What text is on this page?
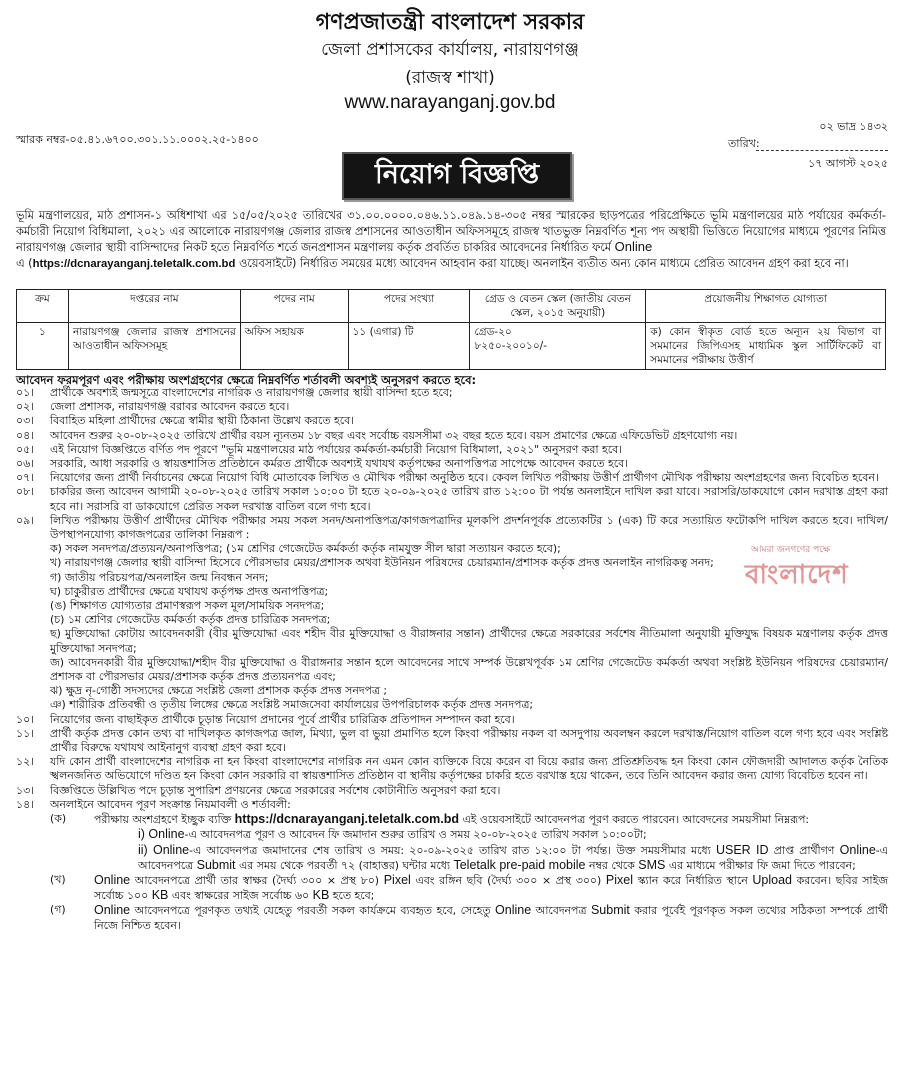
গণপ্রজাতন্ত্রী বাংলাদেশ সরকার
জেলা প্রশাসকের কার্যালয়, নারায়ণগঞ্জ
(রাজস্ব শাখা)
www.narayanganj.gov.bd
স্মারক নম্বর-০৫.৪১.৬৭০০.৩০১.১১.০০০২.২৫-১৪০০
০২ ভাদ্র ১৪৩২
তারিখ:
১৭ আগস্ট ২০২৫
নিয়োগ বিজ্ঞপ্তি
ভূমি মন্ত্রণালয়ের, মাঠ প্রশাসন-১ অধিশাখা এর ১৫/০৫/২০২৫ তারিখের ৩১.০০.০০০০.০৪৬.১১.০৪৯.১৪-৩০৫ নম্বর স্মারকের ছাড়পত্রের পরিপ্রেক্ষিতে ভূমি মন্ত্রণালয়ের মাঠ পর্যায়ের কর্মকর্তা-কর্মচারী নিয়োগ বিধিমালা, ২০২১ এর আলোকে নারায়ণগঞ্জ জেলার রাজস্ব প্রশাসনের আওতাধীন অফিসসমূহে রাজস্ব খাতভুক্ত নিম্নবর্ণিত শূন্য পদ অস্থায়ী ভিত্তিতে নিয়োগের মাধ্যমে পূরণের নিমিত্ত নারায়ণগঞ্জ জেলার স্থায়ী বাসিন্দাদের নিকট হতে নিম্নবর্ণিত শর্তে জনপ্রশাসন মন্ত্রণালয় কর্তৃক প্রবর্তিত চাকরির আবেদনের নির্ধারিত ফর্মে Online
এ (https://dcnarayanganj.teletalk.com.bd ওয়েবসাইটে) নির্ধারিত সময়ের মধ্যে আবেদন আহবান করা যাচ্ছে। অনলাইন ব্যতীত অন্য কোন মাধ্যমে প্রেরিত আবেদন গ্রহণ করা হবে না।
ক্রম	দপ্তরের নাম	পদের নাম	পদের সংখ্যা	গ্রেড ও বেতন স্কেল (জাতীয় বেতন স্কেল, ২০১৫ অনুযায়ী)	প্রয়োজনীয় শিক্ষাগত যোগ্যতা
১	নারায়ণগঞ্জ জেলার রাজস্ব প্রশাসনের আওতাধীন অফিসসমূহ	অফিস সহায়ক	১১ (এগার) টি	গ্রেড-২০
৮২৫০-২০০১০/-	ক) কোন স্বীকৃত বোর্ড হতে অন্যূন ২য় বিভাগ বা সমমানের জিপিএসহ মাধ্যমিক স্কুল সার্টিফিকেট বা সমমানের পরীক্ষায় উত্তীর্ণ
আবেদন ফরমপূরণ এবং পরীক্ষায় অংশগ্রহণের ক্ষেত্রে নিম্নবর্ণিত শর্তাবলী অবশ্যই অনুসরণ করতে হবে:
০১।	প্রার্থীকে অবশ্যই জন্মসূত্রে বাংলাদেশের নাগরিক ও নারায়ণগঞ্জ জেলার স্থায়ী বাসিন্দা হতে হবে;
০২।	জেলা প্রশাসক, নারায়ণগঞ্জ বরাবর আবেদন করতে হবে।
০৩।	বিবাহিত মহিলা প্রার্থীদের ক্ষেত্রে স্বামীর স্থায়ী ঠিকানা উল্লেখ করতে হবে।
০৪।	আবেদন শুরুর ২০-০৮-২০২৫ তারিখে প্রার্থীর বয়স ন্যূনতম ১৮ বছর এবং সর্বোচ্চ বয়সসীমা ৩২ বছর হতে হবে। বয়স প্রমাণের ক্ষেত্রে এফিডেভিট গ্রহণযোগ্য নয়।
০৫।	এই নিয়োগ বিজ্ঞপ্তিতে বর্ণিত পদ পূরণে "ভূমি মন্ত্রণালয়ের মাঠ পর্যায়ের কর্মকর্তা-কর্মচারী নিয়োগ বিধিমালা, ২০২১" অনুসরণ করা হবে।
০৬।	সরকারি, আধা সরকারি ও স্বায়ত্তশাসিত প্রতিষ্ঠানে কর্মরত প্রার্থীকে অবশ্যই যথাযথ কর্তৃপক্ষের অনাপত্তিপত্র সাপেক্ষে আবেদন করতে হবে।
০৭।	নিয়োগের জন্য প্রার্থী নির্বাচনের ক্ষেত্রে নিয়োগ বিধি মোতাবেক লিখিত ও মৌখিক পরীক্ষা অনুষ্ঠিত হবে। কেবল লিখিত পরীক্ষায় উত্তীর্ণ প্রার্থীগণ মৌখিক পরীক্ষায় অংশগ্রহণের জন্য বিবেচিত হবেন।
০৮।	চাকরির জন্য আবেদন আগামী ২০-০৮-২০২৫ তারিখ সকাল ১০:০০ টা হতে ২০-০৯-২০২৫ তারিখ রাত ১২:০০ টা পর্যন্ত অনলাইনে দাখিল করা যাবে। সরাসরি/ডাকযোগে কোন দরখাস্ত গ্রহণ করা হবে না। সরাসরি বা ডাকযোগে প্রেরিত সকল দরখাস্ত বাতিল বলে গণ্য হবে।
০৯।	লিখিত পরীক্ষায় উত্তীর্ণ প্রার্থীদের মৌখিক পরীক্ষার সময় সকল সনদ/অনাপত্তিপত্র/কাগজপত্রাদির মূলকপি প্রদর্শনপূর্বক প্রত্যেকটির ১ (এক) টি করে সত্যায়িত ফটোকপি দাখিল করতে হবে। দাখিল/উপস্থাপনযোগ্য কাগজপত্রের তালিকা নিম্নরূপ :
ক) সকল সনদপত্র/প্রত্যয়ন/অনাপত্তিপত্র; (১ম শ্রেণির গেজেটেড কর্মকর্তা কর্তৃক নামযুক্ত সীল দ্বারা সত্যায়ন করতে হবে);
খ) নারায়ণগঞ্জ জেলার স্থায়ী বাসিন্দা হিসেবে পৌরসভার মেয়র/প্রশাসক অথবা ইউনিয়ন পরিষদের চেয়ারম্যান/প্রশাসক কর্তৃক প্রদত্ত অনলাইন নাগরিকত্ব সনদ;
গ) জাতীয় পরিচয়পত্র/অনলাইন জন্ম নিবন্ধন সনদ;
ঘ) চাকুরীরত প্রার্থীদের ক্ষেত্রে যথাযথ কর্তৃপক্ষ প্রদত্ত অনাপত্তিপত্র;
(ঙ) শিক্ষাগত যোগ্যতার প্রমাণস্বরূপ সকল মূল/সাময়িক সনদপত্র;
(চ) ১ম শ্রেণির গেজেটেড কর্মকর্তা কর্তৃক প্রদত্ত চারিত্রিক সনদপত্র;
ছ) মুক্তিযোদ্ধা কোটায় আবেদনকারী (বীর মুক্তিযোদ্ধা এবং শহীদ বীর মুক্তিযোদ্ধা ও বীরাঙ্গনার সন্তান) প্রার্থীদের ক্ষেত্রে সরকারের সর্বশেষ নীতিমালা অনুযায়ী মুক্তিযুদ্ধ বিষয়ক মন্ত্রণালয় কর্তৃক প্রদত্ত মুক্তিযোদ্ধা সনদপত্র;
জ) আবেদনকারী বীর মুক্তিযোদ্ধা/শহীদ বীর মুক্তিযোদ্ধা ও বীরাঙ্গনার সন্তান হলে আবেদনের সাথে সম্পর্ক উল্লেখপূর্বক ১ম শ্রেণির গেজেটেড কর্মকর্তা অথবা সংশ্লিষ্ট ইউনিয়ন পরিষদের চেয়ারম্যান/প্রশাসক বা পৌরসভার মেয়র/প্রশাসক কর্তৃক প্রদত্ত প্রত্যয়নপত্র এবং;
ঝ) ক্ষুদ্র নৃ-গোষ্ঠী সদস্যদের ক্ষেত্রে সংশ্লিষ্ট জেলা প্রশাসক কর্তৃক প্রদত্ত সনদপত্র ;
ঞ) শারীরিক প্রতিবন্ধী ও তৃতীয় লিঙ্গের ক্ষেত্রে সংশ্লিষ্ট সমাজসেবা কার্যালয়ের উপপরিচালক কর্তৃক প্রদত্ত সনদপত্র;
১০।	নিয়োগের জন্য বাছাইকৃত প্রার্থীকে চূড়ান্ত নিয়োগ প্রদানের পূর্বে প্রার্থীর চারিত্রিক প্রতিপাদন সম্পাদন করা হবে।
১১।	প্রার্থী কর্তৃক প্রদত্ত কোন তথ্য বা দাখিলকৃত কাগজপত্র জাল, মিথ্যা, ভুল বা ভুয়া প্রমাণিত হলে কিংবা পরীক্ষায় নকল বা অসদুপায় অবলম্বন করলে দরখাস্ত/নিয়োগ বাতিল বলে গণ্য হবে এবং সংশ্লিষ্ট প্রার্থীর বিরুদ্ধে যথাযথ আইনানুগ ব্যবস্থা গ্রহণ করা হবে।
১২।	যদি কোন প্রার্থী বাংলাদেশের নাগরিক না হন কিংবা বাংলাদেশের নাগরিক নন এমন কোন ব্যক্তিকে বিয়ে করেন বা বিয়ে করার জন্য প্রতিশ্রুতিবদ্ধ হন কিংবা কোন ফৌজদারী আদালত কর্তৃক নৈতিক স্খলনজনিত অভিযোগে দণ্ডিত হন কিংবা কোন সরকারি বা স্বায়ত্তশাসিত প্রতিষ্ঠান বা স্থানীয় কর্তৃপক্ষের চাকরি হতে বরখাস্ত হয়ে থাকেন, তবে তিনি আবেদন করার জন্য যোগ্য বিবেচিত হবেন না।
১৩।	বিজ্ঞপ্তিতে উল্লিখিত পদে চূড়ান্ত সুপারিশ প্রণয়নের ক্ষেত্রে সরকারের সর্বশেষ কোটানীতি অনুসরণ করা হবে।
১৪।	অনলাইনে আবেদন পূরণ সংক্রান্ত নিয়মাবলী ও শর্তাবলী:
(ক)	পরীক্ষায় অংশগ্রহণে ইচ্ছুক ব্যক্তি https://dcnarayanganj.teletalk.com.bd এই ওয়েবসাইটে আবেদনপত্র পূরণ করতে পারবেন। আবেদনের সময়সীমা নিম্নরূপ:
i) Online-এ আবেদনপত্র পূরণ ও আবেদন ফি জমাদান শুরুর তারিখ ও সময় ২০-০৮-২০২৫ তারিখ সকাল ১০:০০টা;
ii) Online-এ আবেদনপত্র জমাদানের শেষ তারিখ ও সময়: ২০-০৯-২০২৫ তারিখ রাত ১২:০০ টা পর্যন্ত। উক্ত সময়সীমার মধ্যে USER ID প্রাপ্ত প্রার্থীগণ Online-এ আবেদনপত্রে Submit এর সময় থেকে পরবর্তী ৭২ (বাহাত্তর) ঘন্টার মধ্যে Teletalk pre-paid mobile নম্বর থেকে SMS এর মাধ্যমে পরীক্ষার ফি জমা দিতে পারবেন;
(খ)	Online আবেদনপত্রে প্রার্থী তার স্বাক্ষর (দৈর্ঘ্য ৩০০ × প্রস্থ ৮০) Pixel এবং রঙ্গিন ছবি (দৈর্ঘ্য ৩০০ × প্রস্থ ৩০০) Pixel স্ক্যান করে নির্ধারিত স্থানে Upload করবেন। ছবির সাইজ সর্বোচ্চ ১০০ KB এবং স্বাক্ষরের সাইজ সর্বোচ্চ ৬০ KB হতে হবে;
(গ)	Online আবেদনপত্রে পূরণকৃত তথ্যই যেহেতু পরবর্তী সকল কার্যক্রমে ব্যবহৃত হবে, সেহেতু Online আবেদনপত্র Submit করার পূর্বেই পূরণকৃত সকল তথ্যের সঠিকতা সম্পর্কে প্রার্থী নিজে নিশ্চিত হবেন।
আমরা জনগণের পক্ষে
বাংলাদেশ
